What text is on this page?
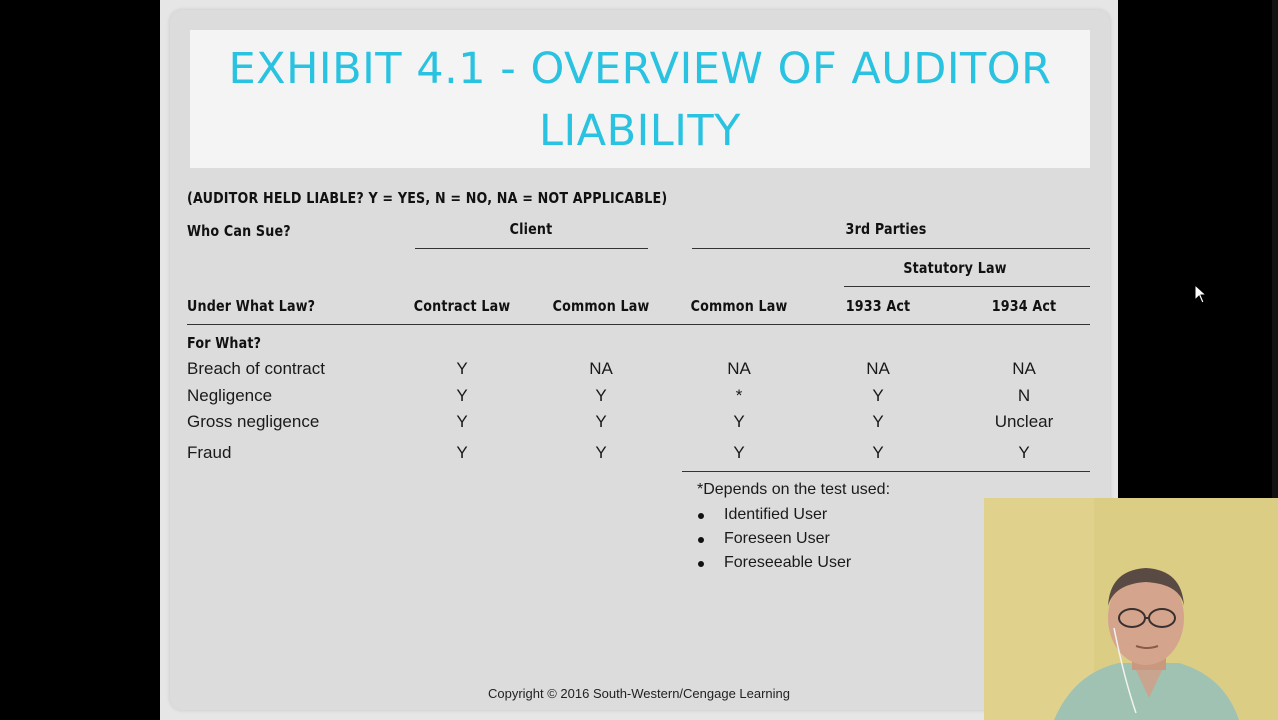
EXHIBIT 4.1 - OVERVIEW OF AUDITOR
LIABILITY
(AUDITOR HELD LIABLE? Y = YES, N = NO, NA = NOT APPLICABLE)
Who Can Sue?	Client	3rd Parties
Statutory Law
Under What Law?	Contract Law	Common Law	Common Law	1933 Act	1934 Act
For What?
Breach of contract	Y	NA	NA	NA	NA
Negligence	Y	Y	*	Y	N
Gross negligence	Y	Y	Y	Y	Unclear
Fraud	Y	Y	Y	Y	Y
*Depends on the test used:
Identified User
Foreseen User
Foreseeable User
Copyright © 2016 South-Western/Cengage Learning
